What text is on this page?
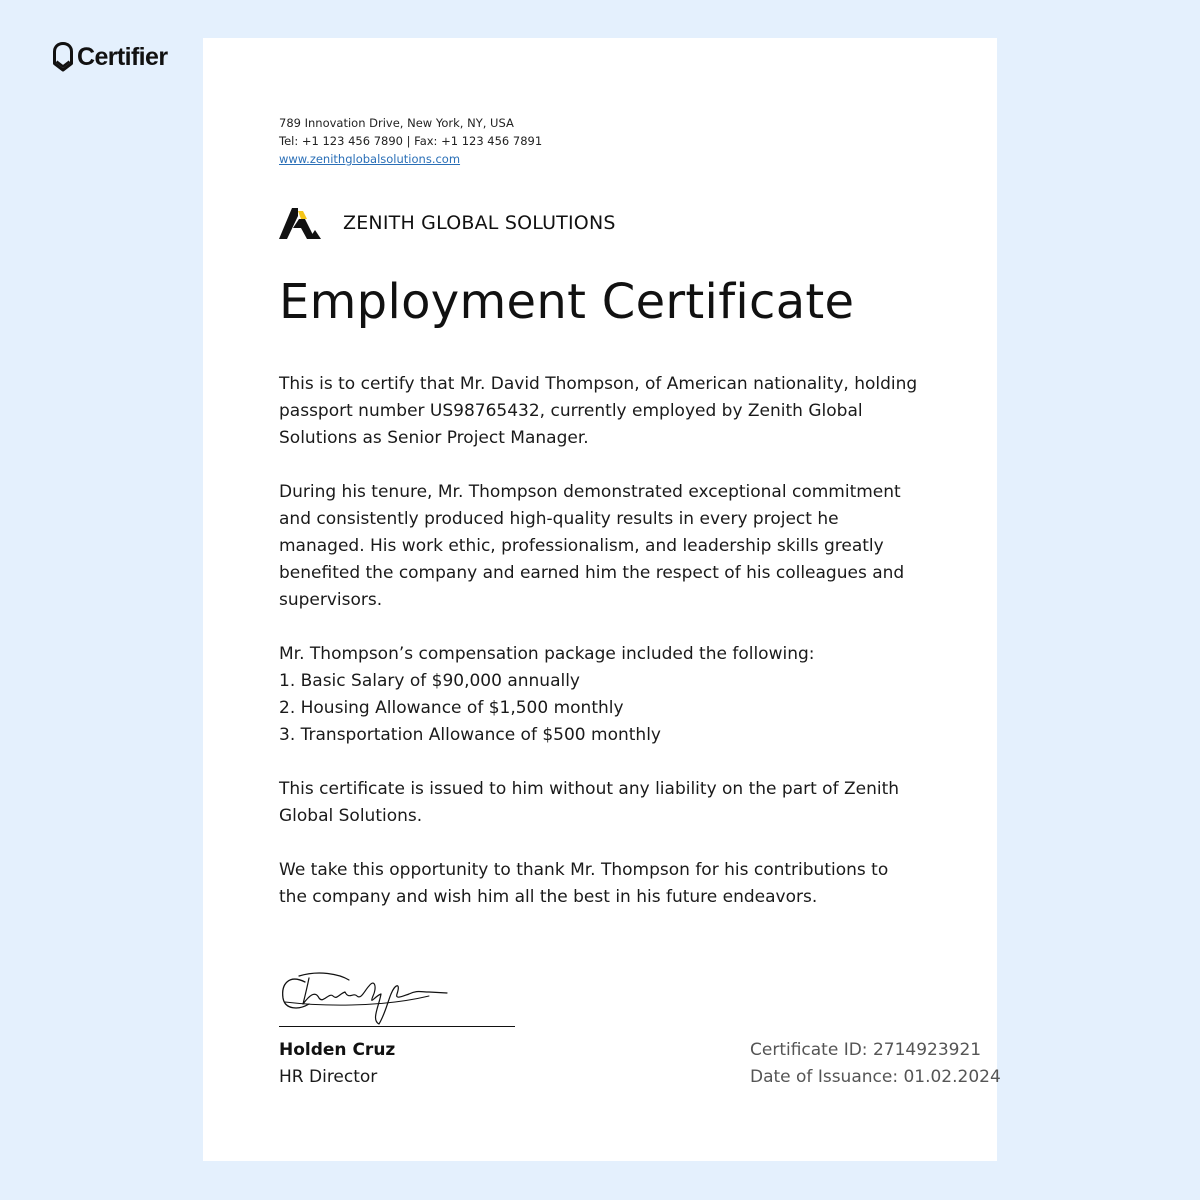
Certifier
789 Innovation Drive, New York, NY, USA
Tel: +1 123 456 7890 | Fax: +1 123 456 7891
www.zenithglobalsolutions.com
ZENITH GLOBAL SOLUTIONS
Employment Certificate

This is to certify that Mr. David Thompson, of American nationality, holding passport number US98765432, currently employed by Zenith Global Solutions as Senior Project Manager.

During his tenure, Mr. Thompson demonstrated exceptional commitment and consistently produced high-quality results in every project he managed. His work ethic, professionalism, and leadership skills greatly benefited the company and earned him the respect of his colleagues and supervisors.

Mr. Thompson’s compensation package included the following:

1. Basic Salary of $90,000 annually

2. Housing Allowance of $1,500 monthly

3. Transportation Allowance of $500 monthly

This certificate is issued to him without any liability on the part of Zenith Global Solutions.

We take this opportunity to thank Mr. Thompson for his contributions to the company and wish him all the best in his future endeavors.

Holden Cruz
HR Director
Certificate ID: 2714923921
Date of Issuance: 01.02.2024
